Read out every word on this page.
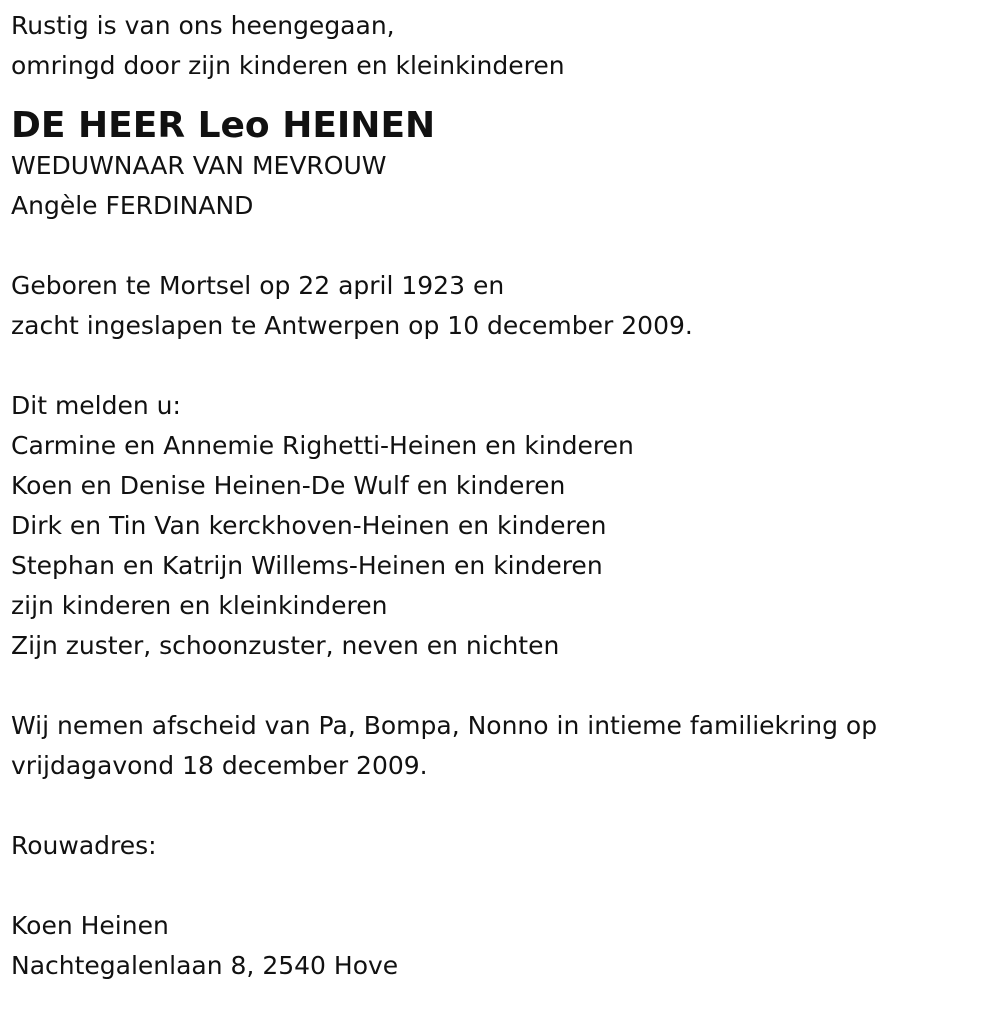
Rustig is van ons heengegaan,
omringd door zijn kinderen en kleinkinderen
DE HEER Leo HEINEN
WEDUWNAAR VAN MEVROUW
Angèle FERDINAND
Geboren te Mortsel op 22 april 1923 en
zacht ingeslapen te Antwerpen op 10 december 2009.
Dit melden u:
Carmine en Annemie Righetti-Heinen en kinderen
Koen en Denise Heinen-De Wulf en kinderen
Dirk en Tin Van kerckhoven-Heinen en kinderen
Stephan en Katrijn Willems-Heinen en kinderen
zijn kinderen en kleinkinderen
Zijn zuster, schoonzuster, neven en nichten
Wij nemen afscheid van Pa, Bompa, Nonno in intieme familiekring op
vrijdagavond 18 december 2009.
Rouwadres:
Koen Heinen
Nachtegalenlaan 8, 2540 Hove
